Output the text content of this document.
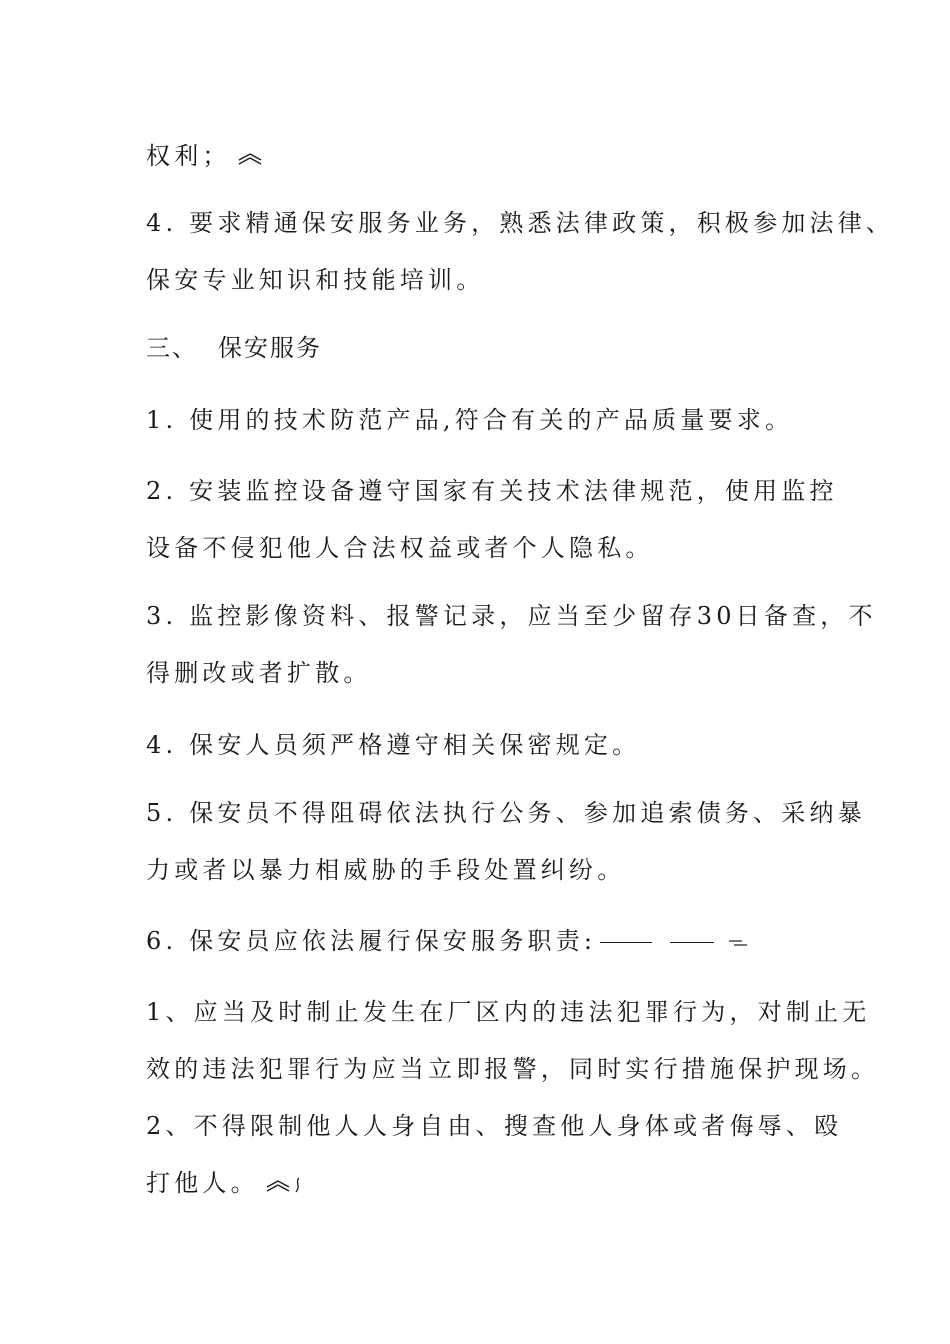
权利；
4. 要求精通保安服务业务，熟悉法律政策，积极参加法律、
保安专业知识和技能培训。
三、 保安服务
1. 使用的技术防范产品,符合有关的产品质量要求。
2. 安装监控设备遵守国家有关技术法律规范，使用监控
设备不侵犯他人合法权益或者个人隐私。
3. 监控影像资料、报警记录，应当至少留存30日备查，不
得删改或者扩散。
4. 保安人员须严格遵守相关保密规定。
5. 保安员不得阻碍依法执行公务、参加追索债务、采纳暴
力或者以暴力相威胁的手段处置纠纷。
6. 保安员应依法履行保安服务职责:
1、应当及时制止发生在厂区内的违法犯罪行为，对制止无
效的违法犯罪行为应当立即报警，同时实行措施保护现场。
2、不得限制他人人身自由、搜查他人身体或者侮辱、殴
打他人。
